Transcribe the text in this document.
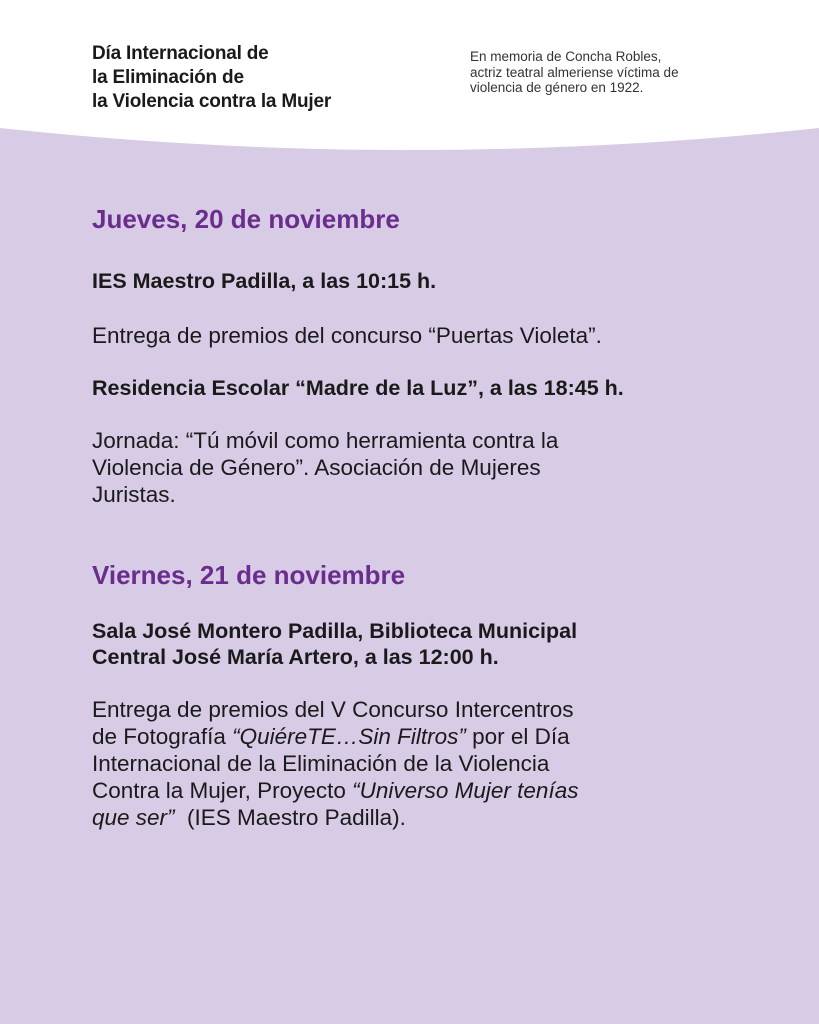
Día Internacional de
la Eliminación de
la Violencia contra la Mujer
En memoria de Concha Robles,
actriz teatral almeriense víctima de
violencia de género en 1922.
Jueves, 20 de noviembre

IES Maestro Padilla, a las 10:15 h.

Entrega de premios del concurso “Puertas Violeta”.

Residencia Escolar “Madre de la Luz”, a las 18:45 h.

Jornada: “Tú móvil como herramienta contra la
Violencia de Género”. Asociación de Mujeres
Juristas.

Viernes, 21 de noviembre

Sala José Montero Padilla, Biblioteca Municipal
Central José María Artero, a las 12:00 h.

Entrega de premios del V Concurso Intercentros
de Fotografía “QuiéreTE…Sin Filtros” por el Día
Internacional de la Eliminación de la Violencia
Contra la Mujer, Proyecto “Universo Mujer tenías
que ser”  (IES Maestro Padilla).
